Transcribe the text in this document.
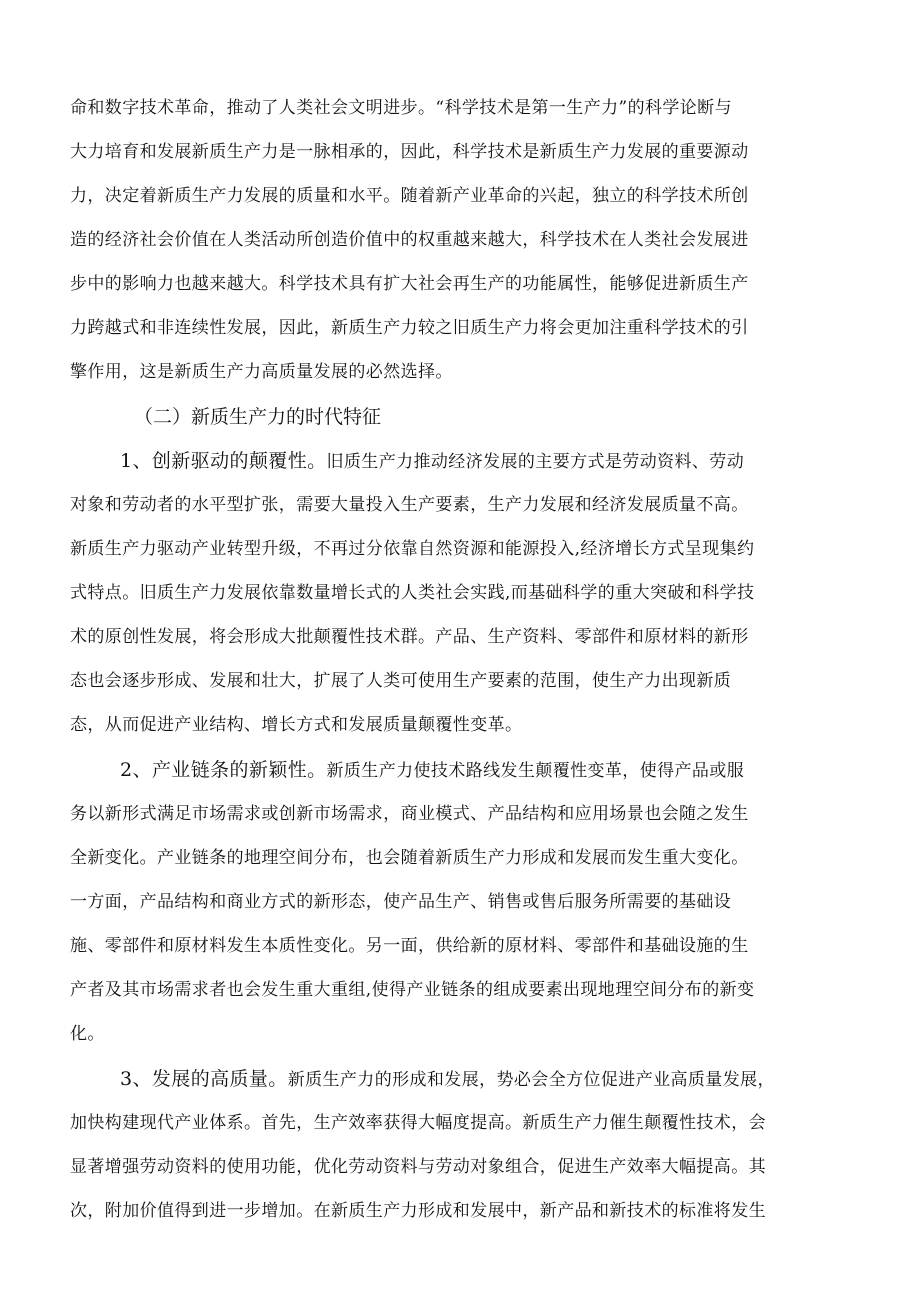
命和数字技术革命，推动了人类社会文明进步。“科学技术是第一生产力”的科学论断与
大力培育和发展新质生产力是一脉相承的，因此，科学技术是新质生产力发展的重要源动
力，决定着新质生产力发展的质量和水平。随着新产业革命的兴起，独立的科学技术所创
造的经济社会价值在人类活动所创造价值中的权重越来越大，科学技术在人类社会发展进
步中的影响力也越来越大。科学技术具有扩大社会再生产的功能属性，能够促进新质生产
力跨越式和非连续性发展，因此，新质生产力较之旧质生产力将会更加注重科学技术的引
擎作用，这是新质生产力高质量发展的必然选择。
（二）新质生产力的时代特征
1、创新驱动的颠覆性。旧质生产力推动经济发展的主要方式是劳动资料、劳动
对象和劳动者的水平型扩张，需要大量投入生产要素，生产力发展和经济发展质量不高。
新质生产力驱动产业转型升级，不再过分依靠自然资源和能源投入,经济增长方式呈现集约
式特点。旧质生产力发展依靠数量增长式的人类社会实践,而基础科学的重大突破和科学技
术的原创性发展，将会形成大批颠覆性技术群。产品、生产资料、零部件和原材料的新形
态也会逐步形成、发展和壮大，扩展了人类可使用生产要素的范围，使生产力出现新质
态，从而促进产业结构、增长方式和发展质量颠覆性变革。
2、产业链条的新颖性。新质生产力使技术路线发生颠覆性变革，使得产品或服
务以新形式满足市场需求或创新市场需求，商业模式、产品结构和应用场景也会随之发生
全新变化。产业链条的地理空间分布，也会随着新质生产力形成和发展而发生重大变化。
一方面，产品结构和商业方式的新形态，使产品生产、销售或售后服务所需要的基础设
施、零部件和原材料发生本质性变化。另一面，供给新的原材料、零部件和基础设施的生
产者及其市场需求者也会发生重大重组,使得产业链条的组成要素出现地理空间分布的新变
化。
3、发展的高质量。新质生产力的形成和发展，势必会全方位促进产业高质量发展，
加快构建现代产业体系。首先，生产效率获得大幅度提高。新质生产力催生颠覆性技术，会
显著增强劳动资料的使用功能，优化劳动资料与劳动对象组合，促进生产效率大幅提高。其
次，附加价值得到进一步增加。在新质生产力形成和发展中，新产品和新技术的标准将发生
